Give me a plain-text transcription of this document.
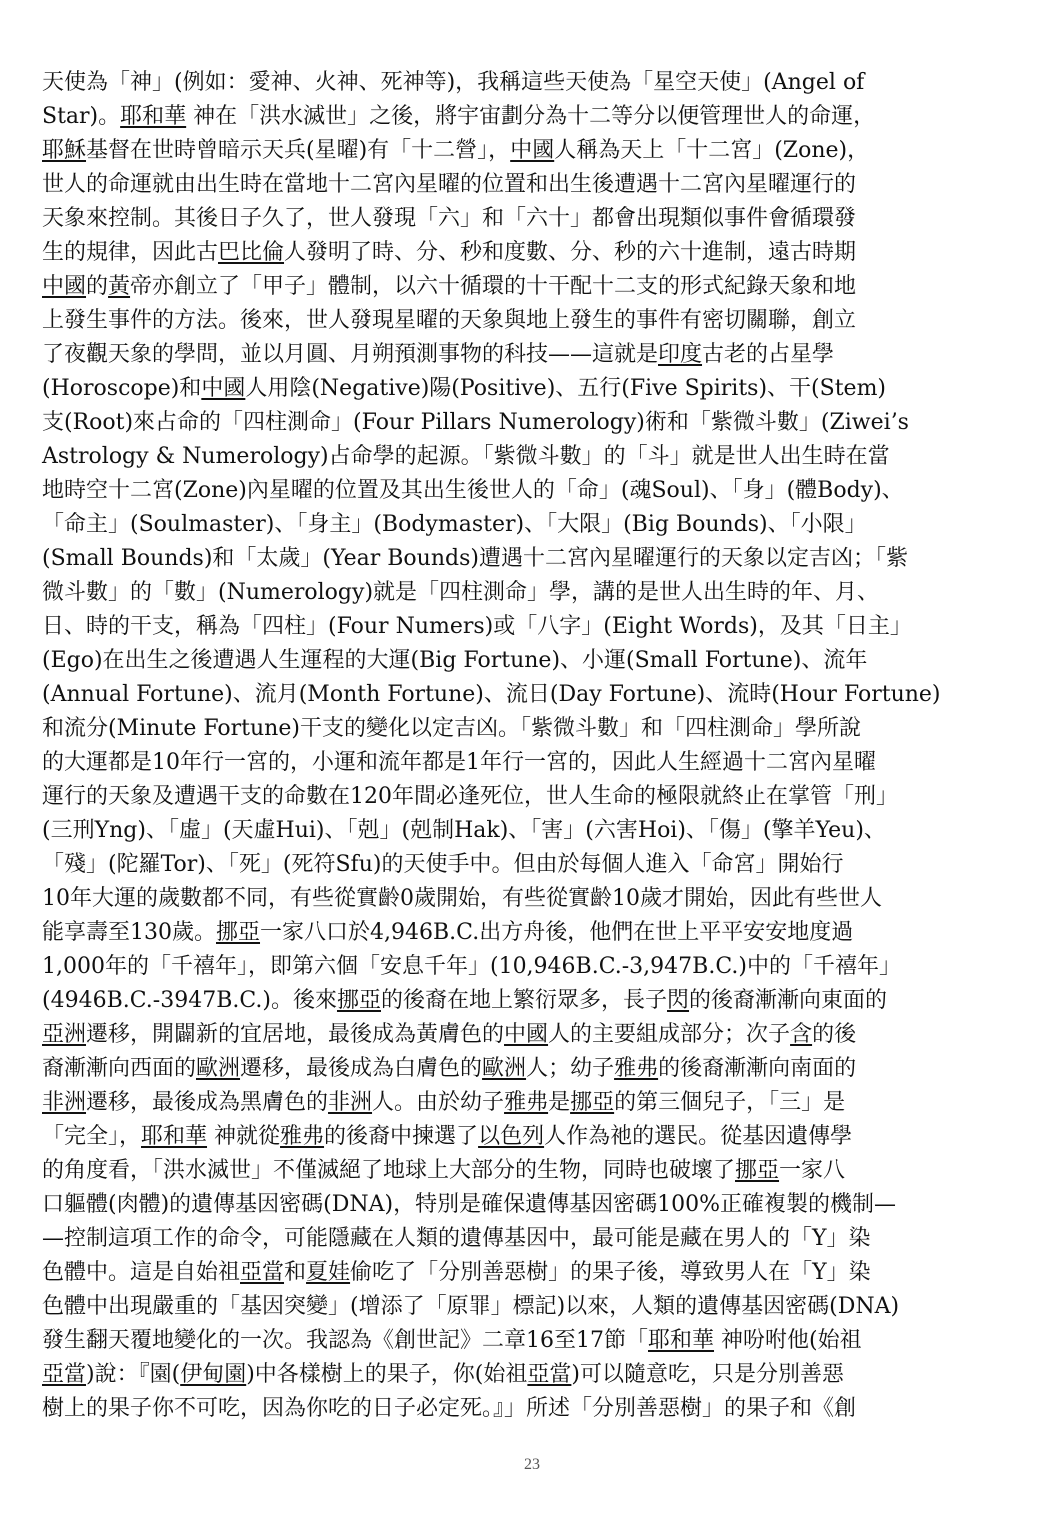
天使為「神」(例如：愛神、火神、死神等)，我稱這些天使為「星空天使」(Angel of
Star)。耶和華 神在「洪水滅世」之後，將宇宙劃分為十二等分以便管理世人的命運，
耶穌基督在世時曾暗示天兵(星曜)有「十二營」，中國人稱為天上「十二宮」(Zone)，
世人的命運就由出生時在當地十二宮內星曜的位置和出生後遭遇十二宮內星曜運行的
天象來控制。其後日子久了，世人發現「六」和「六十」都會出現類似事件會循環發
生的規律，因此古巴比倫人發明了時、分、秒和度數、分、秒的六十進制，遠古時期
中國的黃帝亦創立了「甲子」體制，以六十循環的十干配十二支的形式紀錄天象和地
上發生事件的方法。後來，世人發現星曜的天象與地上發生的事件有密切關聯，創立
了夜觀天象的學問，並以月圓、月朔預測事物的科技——這就是印度古老的占星學
(Horoscope)和中國人用陰(Negative)陽(Positive)、五行(Five Spirits)、干(Stem)
支(Root)來占命的「四柱測命」(Four Pillars Numerology)術和「紫微斗數」(Ziwei’s
Astrology & Numerology)占命學的起源。「紫微斗數」的「斗」就是世人出生時在當
地時空十二宮(Zone)內星曜的位置及其出生後世人的「命」(魂Soul)、「身」(體Body)、
「命主」(Soulmaster)、「身主」(Bodymaster)、「大限」(Big Bounds)、「小限」
(Small Bounds)和「太歲」(Year Bounds)遭遇十二宮內星曜運行的天象以定吉凶；「紫
微斗數」的「數」(Numerology)就是「四柱測命」學，講的是世人出生時的年、月、
日、時的干支，稱為「四柱」(Four Numers)或「八字」(Eight Words)，及其「日主」
(Ego)在出生之後遭遇人生運程的大運(Big Fortune)、小運(Small Fortune)、流年
(Annual Fortune)、流月(Month Fortune)、流日(Day Fortune)、流時(Hour Fortune)
和流分(Minute Fortune)干支的變化以定吉凶。「紫微斗數」和「四柱測命」學所說
的大運都是10年行一宮的，小運和流年都是1年行一宮的，因此人生經過十二宮內星曜
運行的天象及遭遇干支的命數在120年間必逢死位，世人生命的極限就終止在掌管「刑」
(三刑Yng)、「虛」(天虛Hui)、「剋」(剋制Hak)、「害」(六害Hoi)、「傷」(擎羊Yeu)、
「殘」(陀羅Tor)、「死」(死符Sfu)的天使手中。但由於每個人進入「命宮」開始行
10年大運的歲數都不同，有些從實齡0歲開始，有些從實齡10歲才開始，因此有些世人
能享壽至130歲。挪亞一家八口於4,946B.C.出方舟後，他們在世上平平安安地度過
1,000年的「千禧年」，即第六個「安息千年」(10,946B.C.-3,947B.C.)中的「千禧年」
(4946B.C.-3947B.C.)。後來挪亞的後裔在地上繁衍眾多，長子閃的後裔漸漸向東面的
亞洲遷移，開闢新的宜居地，最後成為黃膚色的中國人的主要組成部分；次子含的後
裔漸漸向西面的歐洲遷移，最後成為白膚色的歐洲人；幼子雅弗的後裔漸漸向南面的
非洲遷移，最後成為黑膚色的非洲人。由於幼子雅弗是挪亞的第三個兒子，「三」是
「完全」，耶和華 神就從雅弗的後裔中揀選了以色列人作為祂的選民。從基因遺傳學
的角度看，「洪水滅世」不僅滅絕了地球上大部分的生物，同時也破壞了挪亞一家八
口軀體(肉體)的遺傳基因密碼(DNA)，特別是確保遺傳基因密碼100%正確複製的機制—
—控制這項工作的命令，可能隱藏在人類的遺傳基因中，最可能是藏在男人的「Y」染
色體中。這是自始祖亞當和夏娃偷吃了「分別善惡樹」的果子後，導致男人在「Y」染
色體中出現嚴重的「基因突變」(增添了「原罪」標記)以來，人類的遺傳基因密碼(DNA)
發生翻天覆地變化的一次。我認為《創世記》二章16至17節「耶和華 神吩咐他(始祖
亞當)說：『園(伊甸園)中各樣樹上的果子，你(始祖亞當)可以隨意吃，只是分別善惡
樹上的果子你不可吃，因為你吃的日子必定死。』」所述「分別善惡樹」的果子和《創
23
